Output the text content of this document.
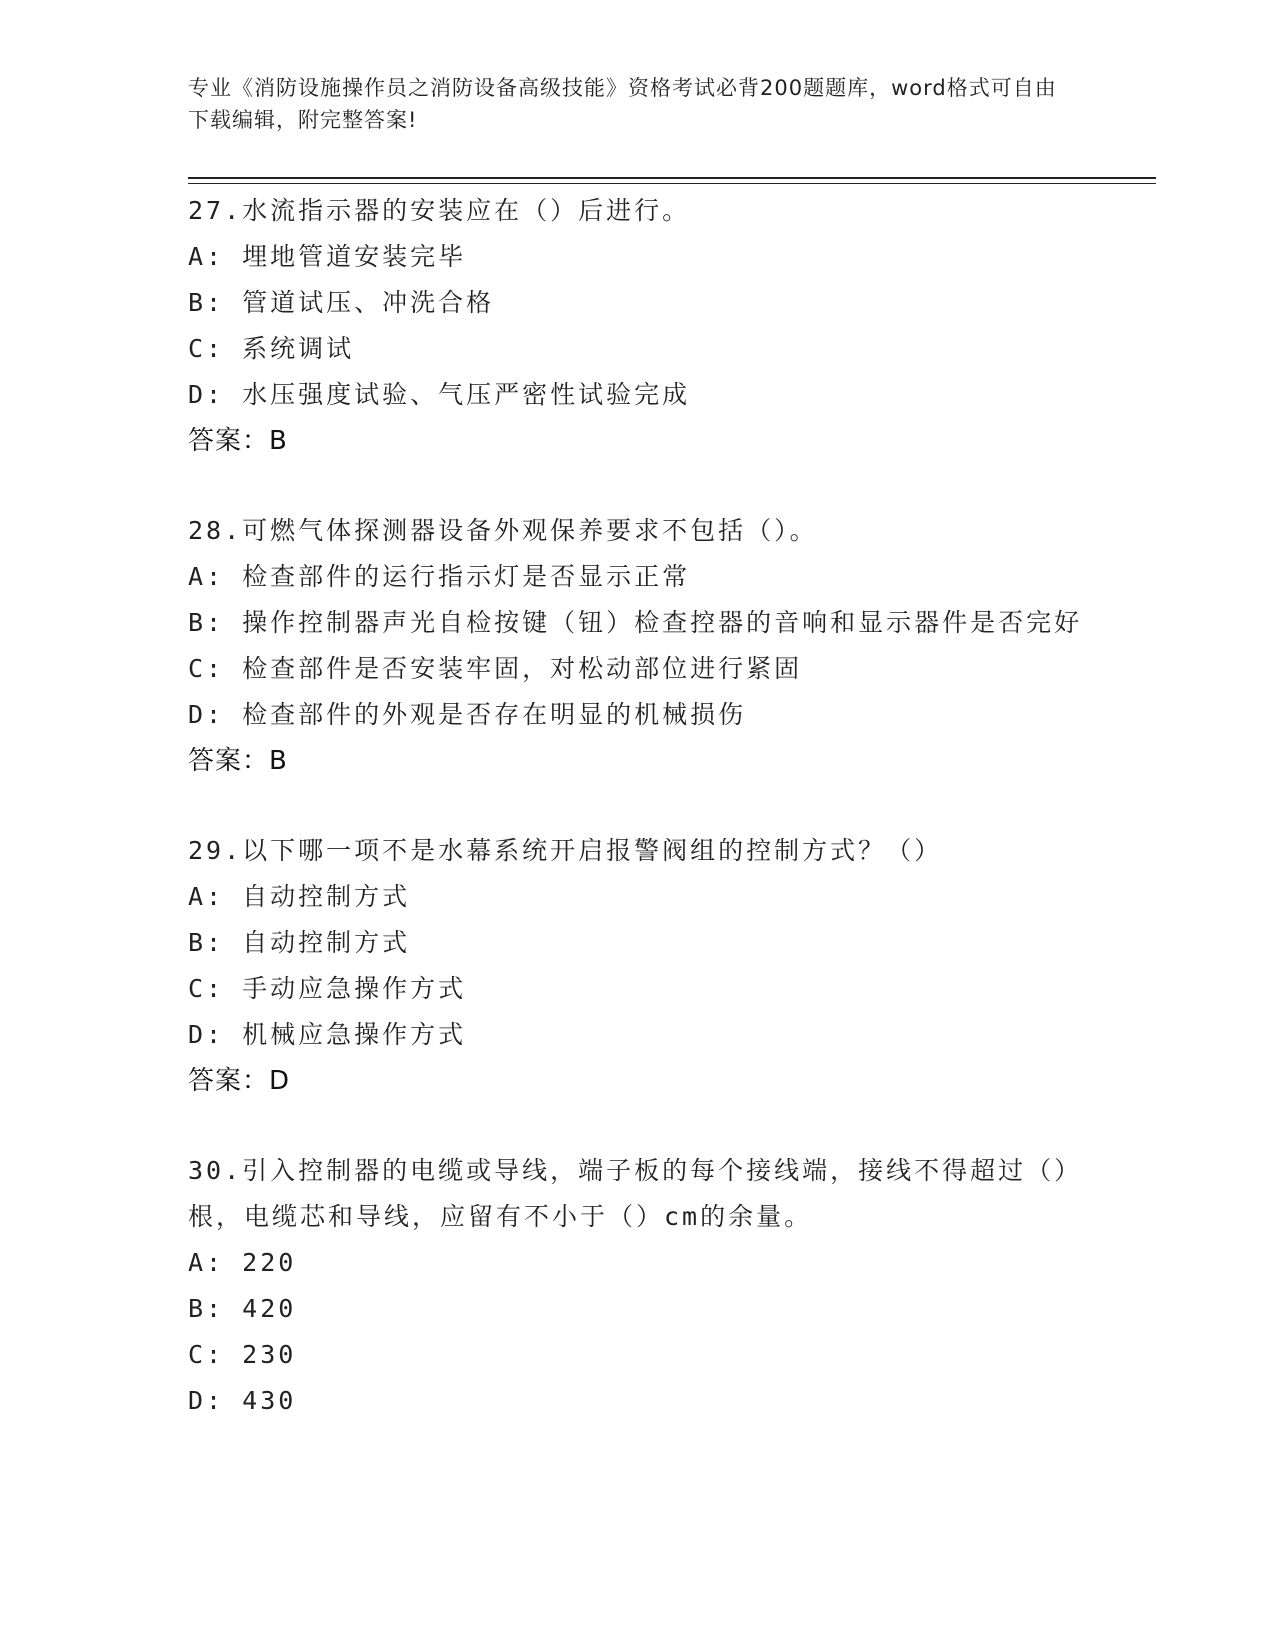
专业《消防设施操作员之消防设备高级技能》资格考试必背200题题库，word格式可自由下载编辑，附完整答案!

27.水流指示器的安装应在（）后进行。

A: 埋地管道安装完毕

B: 管道试压、冲洗合格

C: 系统调试

D: 水压强度试验、气压严密性试验完成

答案：B

28.可燃气体探测器设备外观保养要求不包括（）。

A: 检查部件的运行指示灯是否显示正常

B: 操作控制器声光自检按键（钮）检查控器的音响和显示器件是否完好

C: 检查部件是否安装牢固，对松动部位进行紧固

D: 检查部件的外观是否存在明显的机械损伤

答案：B

29.以下哪一项不是水幕系统开启报警阀组的控制方式？（）

A: 自动控制方式

B: 自动控制方式

C: 手动应急操作方式

D: 机械应急操作方式

答案：D

30.引入控制器的电缆或导线，端子板的每个接线端，接线不得超过（）根，电缆芯和导线，应留有不小于（）cm的余量。

A: 220

B: 420

C: 230

D: 430
